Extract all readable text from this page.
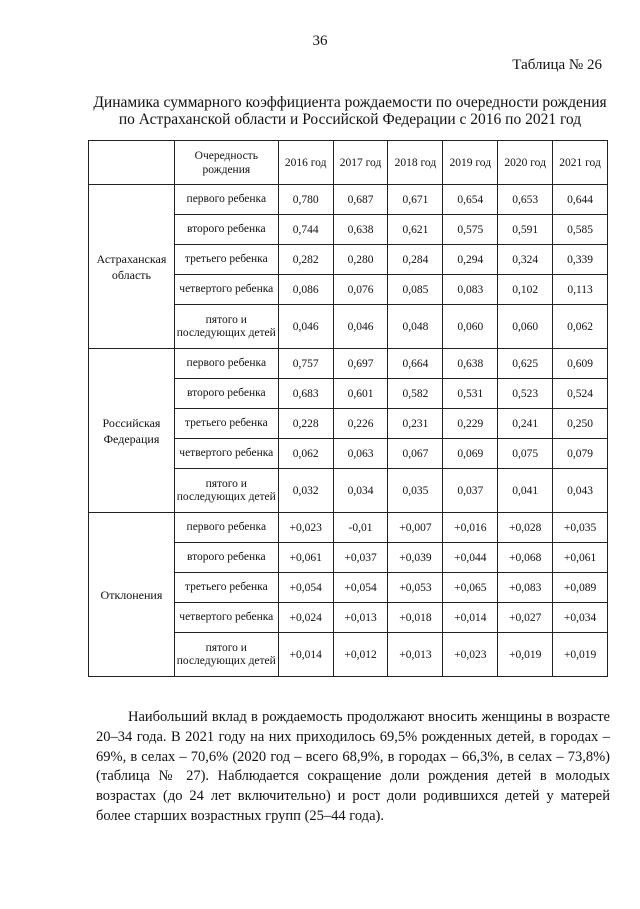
36
Таблица № 26
Динамика суммарного коэффициента рождаемости по очередности рождения
по Астраханской области и Российской Федерации с 2016 по 2021 год
	Очередность рождения	2016 год	2017 год	2018 год	2019 год	2020 год	2021 год
Астраханская область	первого ребенка	0,780	0,687	0,671	0,654	0,653	0,644
	второго ребенка	0,744	0,638	0,621	0,575	0,591	0,585
	третьего ребенка	0,282	0,280	0,284	0,294	0,324	0,339
	четвертого ребенка	0,086	0,076	0,085	0,083	0,102	0,113
	пятого и последующих детей	0,046	0,046	0,048	0,060	0,060	0,062
Российская Федерация	первого ребенка	0,757	0,697	0,664	0,638	0,625	0,609
	второго ребенка	0,683	0,601	0,582	0,531	0,523	0,524
	третьего ребенка	0,228	0,226	0,231	0,229	0,241	0,250
	четвертого ребенка	0,062	0,063	0,067	0,069	0,075	0,079
	пятого и последующих детей	0,032	0,034	0,035	0,037	0,041	0,043
Отклонения	первого ребенка	+0,023	-0,01	+0,007	+0,016	+0,028	+0,035
	второго ребенка	+0,061	+0,037	+0,039	+0,044	+0,068	+0,061
	третьего ребенка	+0,054	+0,054	+0,053	+0,065	+0,083	+0,089
	четвертого ребенка	+0,024	+0,013	+0,018	+0,014	+0,027	+0,034
	пятого и последующих детей	+0,014	+0,012	+0,013	+0,023	+0,019	+0,019

Наибольший вклад в рождаемость продолжают вносить женщины в возрасте 20–34 года. В 2021 году на них приходилось 69,5% рожденных детей, в городах – 69%, в селах – 70,6% (2020 год – всего 68,9%, в городах – 66,3%, в селах – 73,8%) (таблица № 27). Наблюдается сокращение доли рождения детей в молодых возрастах (до 24 лет включительно) и рост доли родившихся детей у матерей более старших возрастных групп (25–44 года).
